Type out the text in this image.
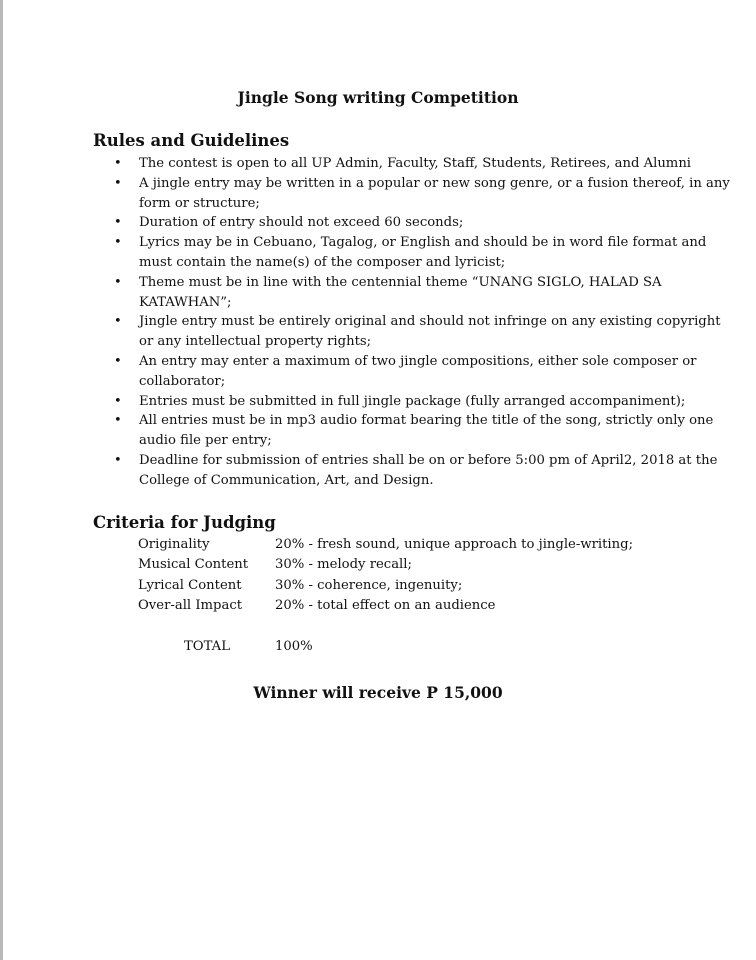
Jingle Song writing Competition
Rules and Guidelines
• The contest is open to all UP Admin, Faculty, Staff, Students, Retirees, and Alumni
• A jingle entry may be written in a popular or new song genre, or a fusion thereof, in any form or structure;
• Duration of entry should not exceed 60 seconds;
• Lyrics may be in Cebuano, Tagalog, or English and should be in word file format and must contain the name(s) of the composer and lyricist;
• Theme must be in line with the centennial theme “UNANG SIGLO, HALAD SA KATAWHAN”;
• Jingle entry must be entirely original and should not infringe on any existing copyright or any intellectual property rights;
• An entry may enter a maximum of two jingle compositions, either sole composer or collaborator;
• Entries must be submitted in full jingle package (fully arranged accompaniment);
• All entries must be in mp3 audio format bearing the title of the song, strictly only one audio file per entry;
• Deadline for submission of entries shall be on or before 5:00 pm of April2, 2018 at the College of Communication, Art, and Design.
Criteria for Judging
Originality	20% - fresh sound, unique approach to jingle-writing;
Musical Content	30% - melody recall;
Lyrical Content	30% - coherence, ingenuity;
Over-all Impact	20% - total effect on an audience
TOTAL	100%

Winner will receive P 15,000
